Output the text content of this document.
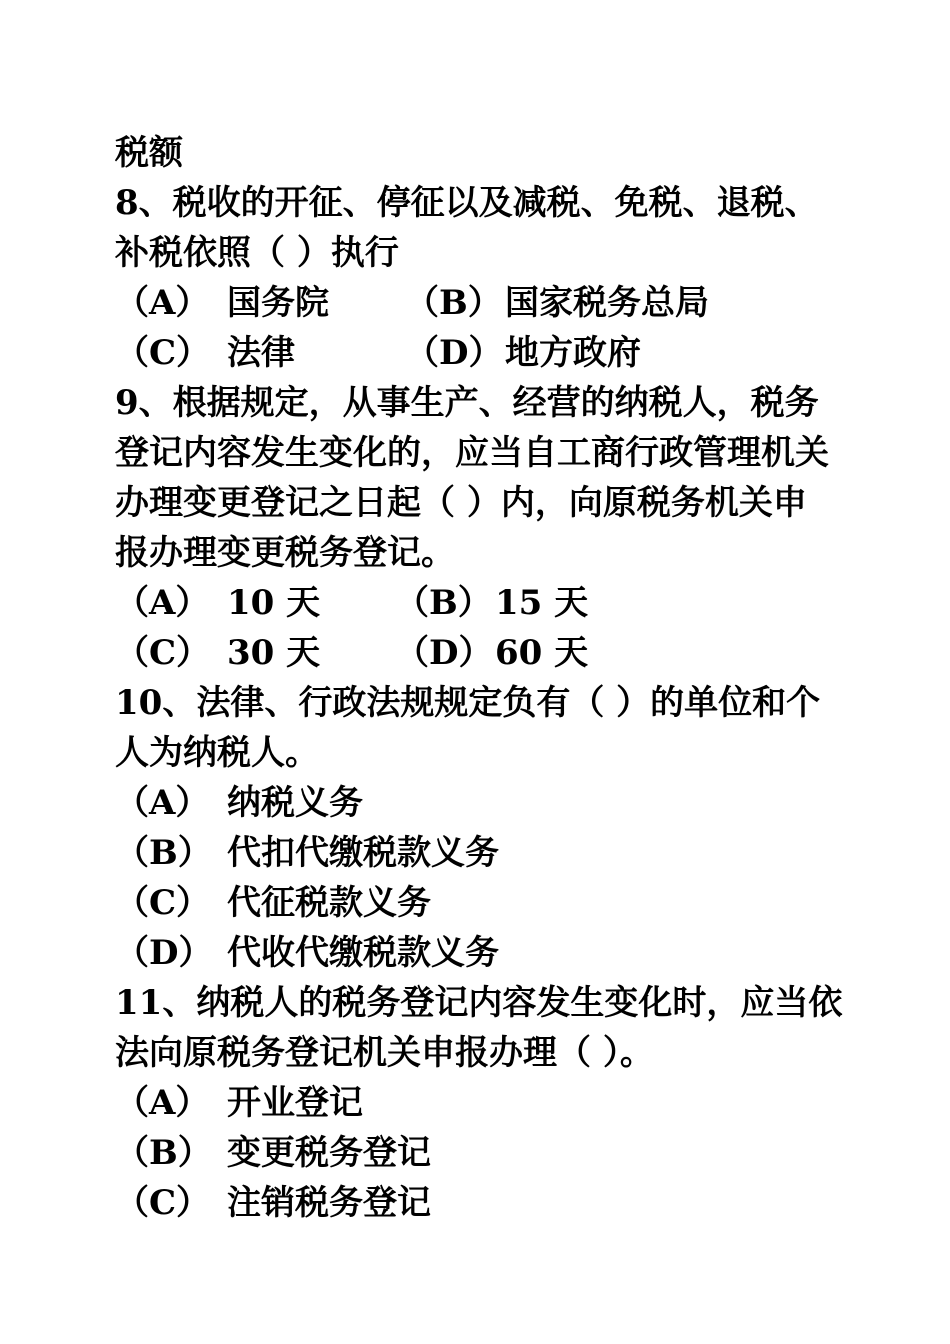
税额
8、税收的开征、停征以及减税、免税、退税、
补税依照（ ）执行
（A） 国务院 （B） 国家税务总局
（C） 法律	（D） 地方政府
9、根据规定，从事生产、经营的纳税人，税务
登记内容发生变化的，应当自工商行政管理机关
办理变更登记之日起（ ）内，向原税务机关申
报办理变更税务登记。
（A） 10 天 （B） 15 天
（C） 30 天 （D） 60 天
10、法律、行政法规规定负有（ ）的单位和个
人为纳税人。
（A） 纳税义务
（B） 代扣代缴税款义务
（C） 代征税款义务
（D） 代收代缴税款义务
11、纳税人的税务登记内容发生变化时，应当依
法向原税务登记机关申报办理（ ）。
（A） 开业登记
（B） 变更税务登记
（C） 注销税务登记
